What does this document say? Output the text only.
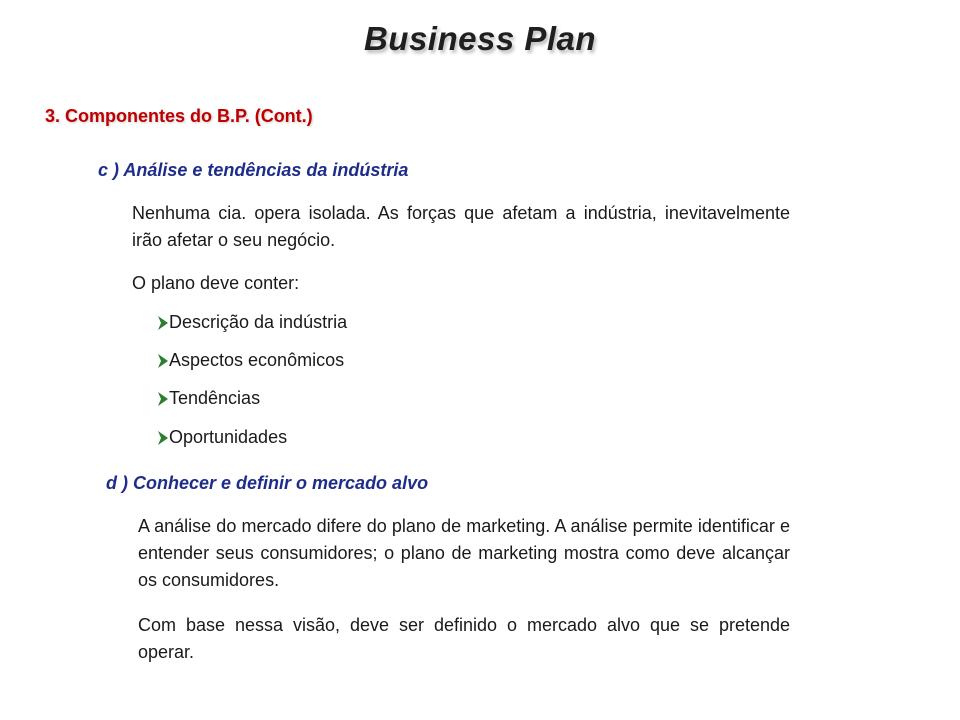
Business Plan
3. Componentes do B.P. (Cont.)
c ) Análise e tendências da indústria
Nenhuma cia. opera isolada. As forças que afetam a indústria, inevitavelmente irão afetar o seu negócio.
O plano deve conter:
Descrição da indústria
Aspectos econômicos
Tendências
Oportunidades
d ) Conhecer e definir o mercado alvo
A análise do mercado difere do plano de marketing. A análise permite identificar e entender seus consumidores; o plano de marketing mostra como deve alcançar os consumidores.
Com base nessa visão, deve ser definido o mercado alvo que se pretende operar.
